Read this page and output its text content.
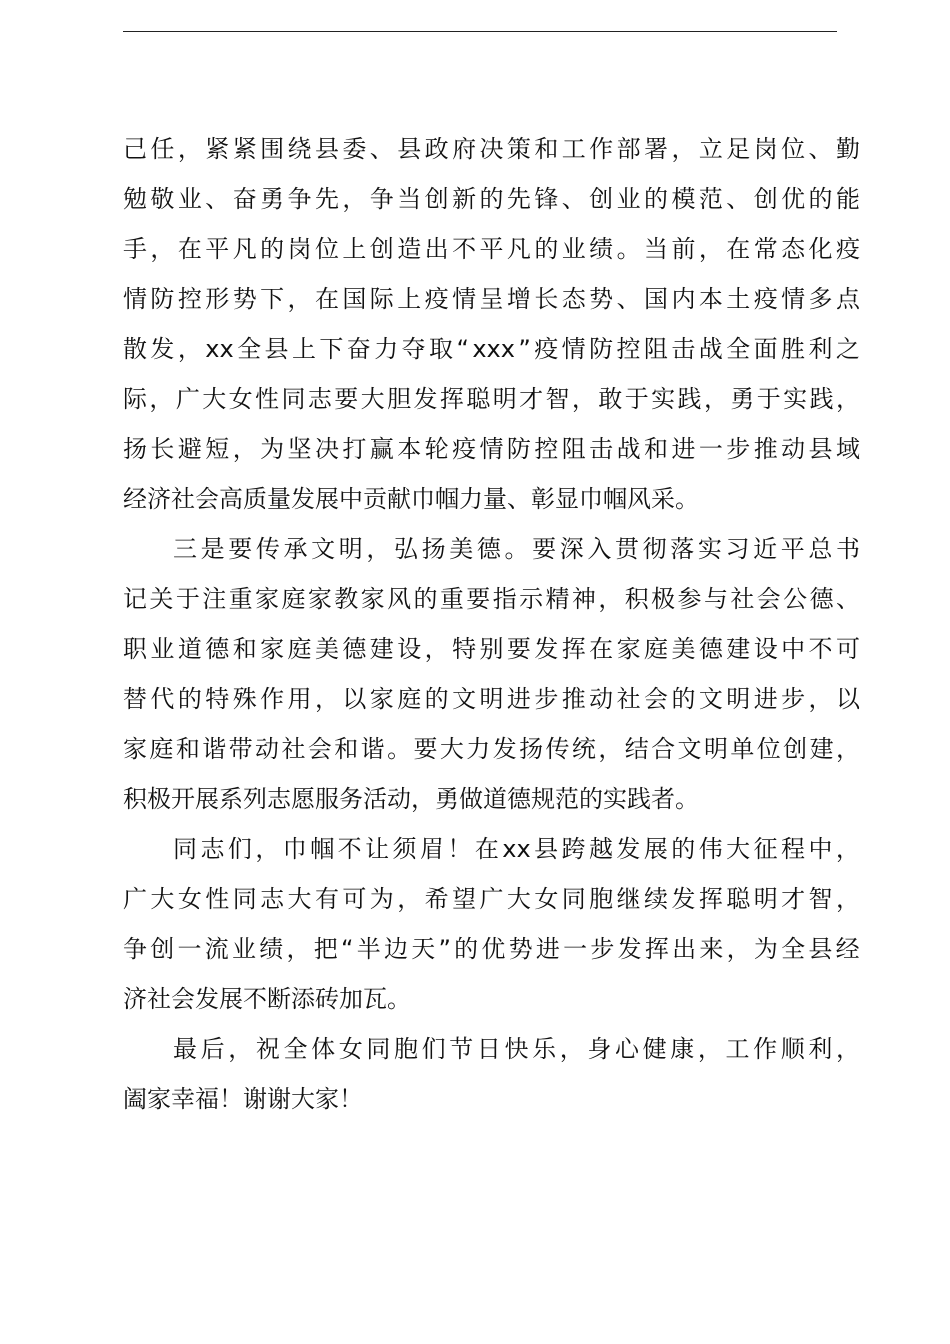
己 任 ， 紧 紧 围 绕 县 委 、 县 政 府 决 策 和 工 作 部 署 ， 立 足 岗 位 、 勤
勉 敬 业 、 奋 勇 争 先 ， 争 当 创 新 的 先 锋 、 创 业 的 模 范 、 创 优 的 能
手 ， 在 平 凡 的 岗 位 上 创 造 出 不 平 凡 的 业 绩 。 当 前 ， 在 常 态 化 疫
情 防 控 形 势 下 ， 在 国 际 上 疫 情 呈 增 长 态 势 、 国 内 本 土 疫 情 多 点
散 发 ， xx 全 县 上 下 奋 力 夺 取 “ xxx ” 疫 情 防 控 阻 击 战 全 面 胜 利 之
际 ， 广 大 女 性 同 志 要 大 胆 发 挥 聪 明 才 智 ， 敢 于 实 践 ， 勇 于 实 践 ，
扬 长 避 短 ， 为 坚 决 打 赢 本 轮 疫 情 防 控 阻 击 战 和 进 一 步 推 动 县 域
经济社会高质量发展中贡献巾帼力量、彰显巾帼风采。
三 是 要 传 承 文 明 ， 弘 扬 美 德 。 要 深 入 贯 彻 落 实 习 近 平 总 书
记 关 于 注 重 家 庭 家 教 家 风 的 重 要 指 示 精 神 ， 积 极 参 与 社 会 公 德 、
职 业 道 德 和 家 庭 美 德 建 设 ， 特 别 要 发 挥 在 家 庭 美 德 建 设 中 不 可
替 代 的 特 殊 作 用 ， 以 家 庭 的 文 明 进 步 推 动 社 会 的 文 明 进 步 ， 以
家 庭 和 谐 带 动 社 会 和 谐 。 要 大 力 发 扬 传 统 ， 结 合 文 明 单 位 创 建 ，
积极开展系列志愿服务活动，勇做道德规范的实践者。
同 志 们 ， 巾 帼 不 让 须 眉 ！ 在 xx 县 跨 越 发 展 的 伟 大 征 程 中 ，
广 大 女 性 同 志 大 有 可 为 ， 希 望 广 大 女 同 胞 继 续 发 挥 聪 明 才 智 ，
争 创 一 流 业 绩 ， 把 “ 半 边 天 ” 的 优 势 进 一 步 发 挥 出 来 ， 为 全 县 经
济社会发展不断添砖加瓦。
最 后 ， 祝 全 体 女 同 胞 们 节 日 快 乐 ， 身 心 健 康 ， 工 作 顺 利 ，
阖家幸福！谢谢大家！
